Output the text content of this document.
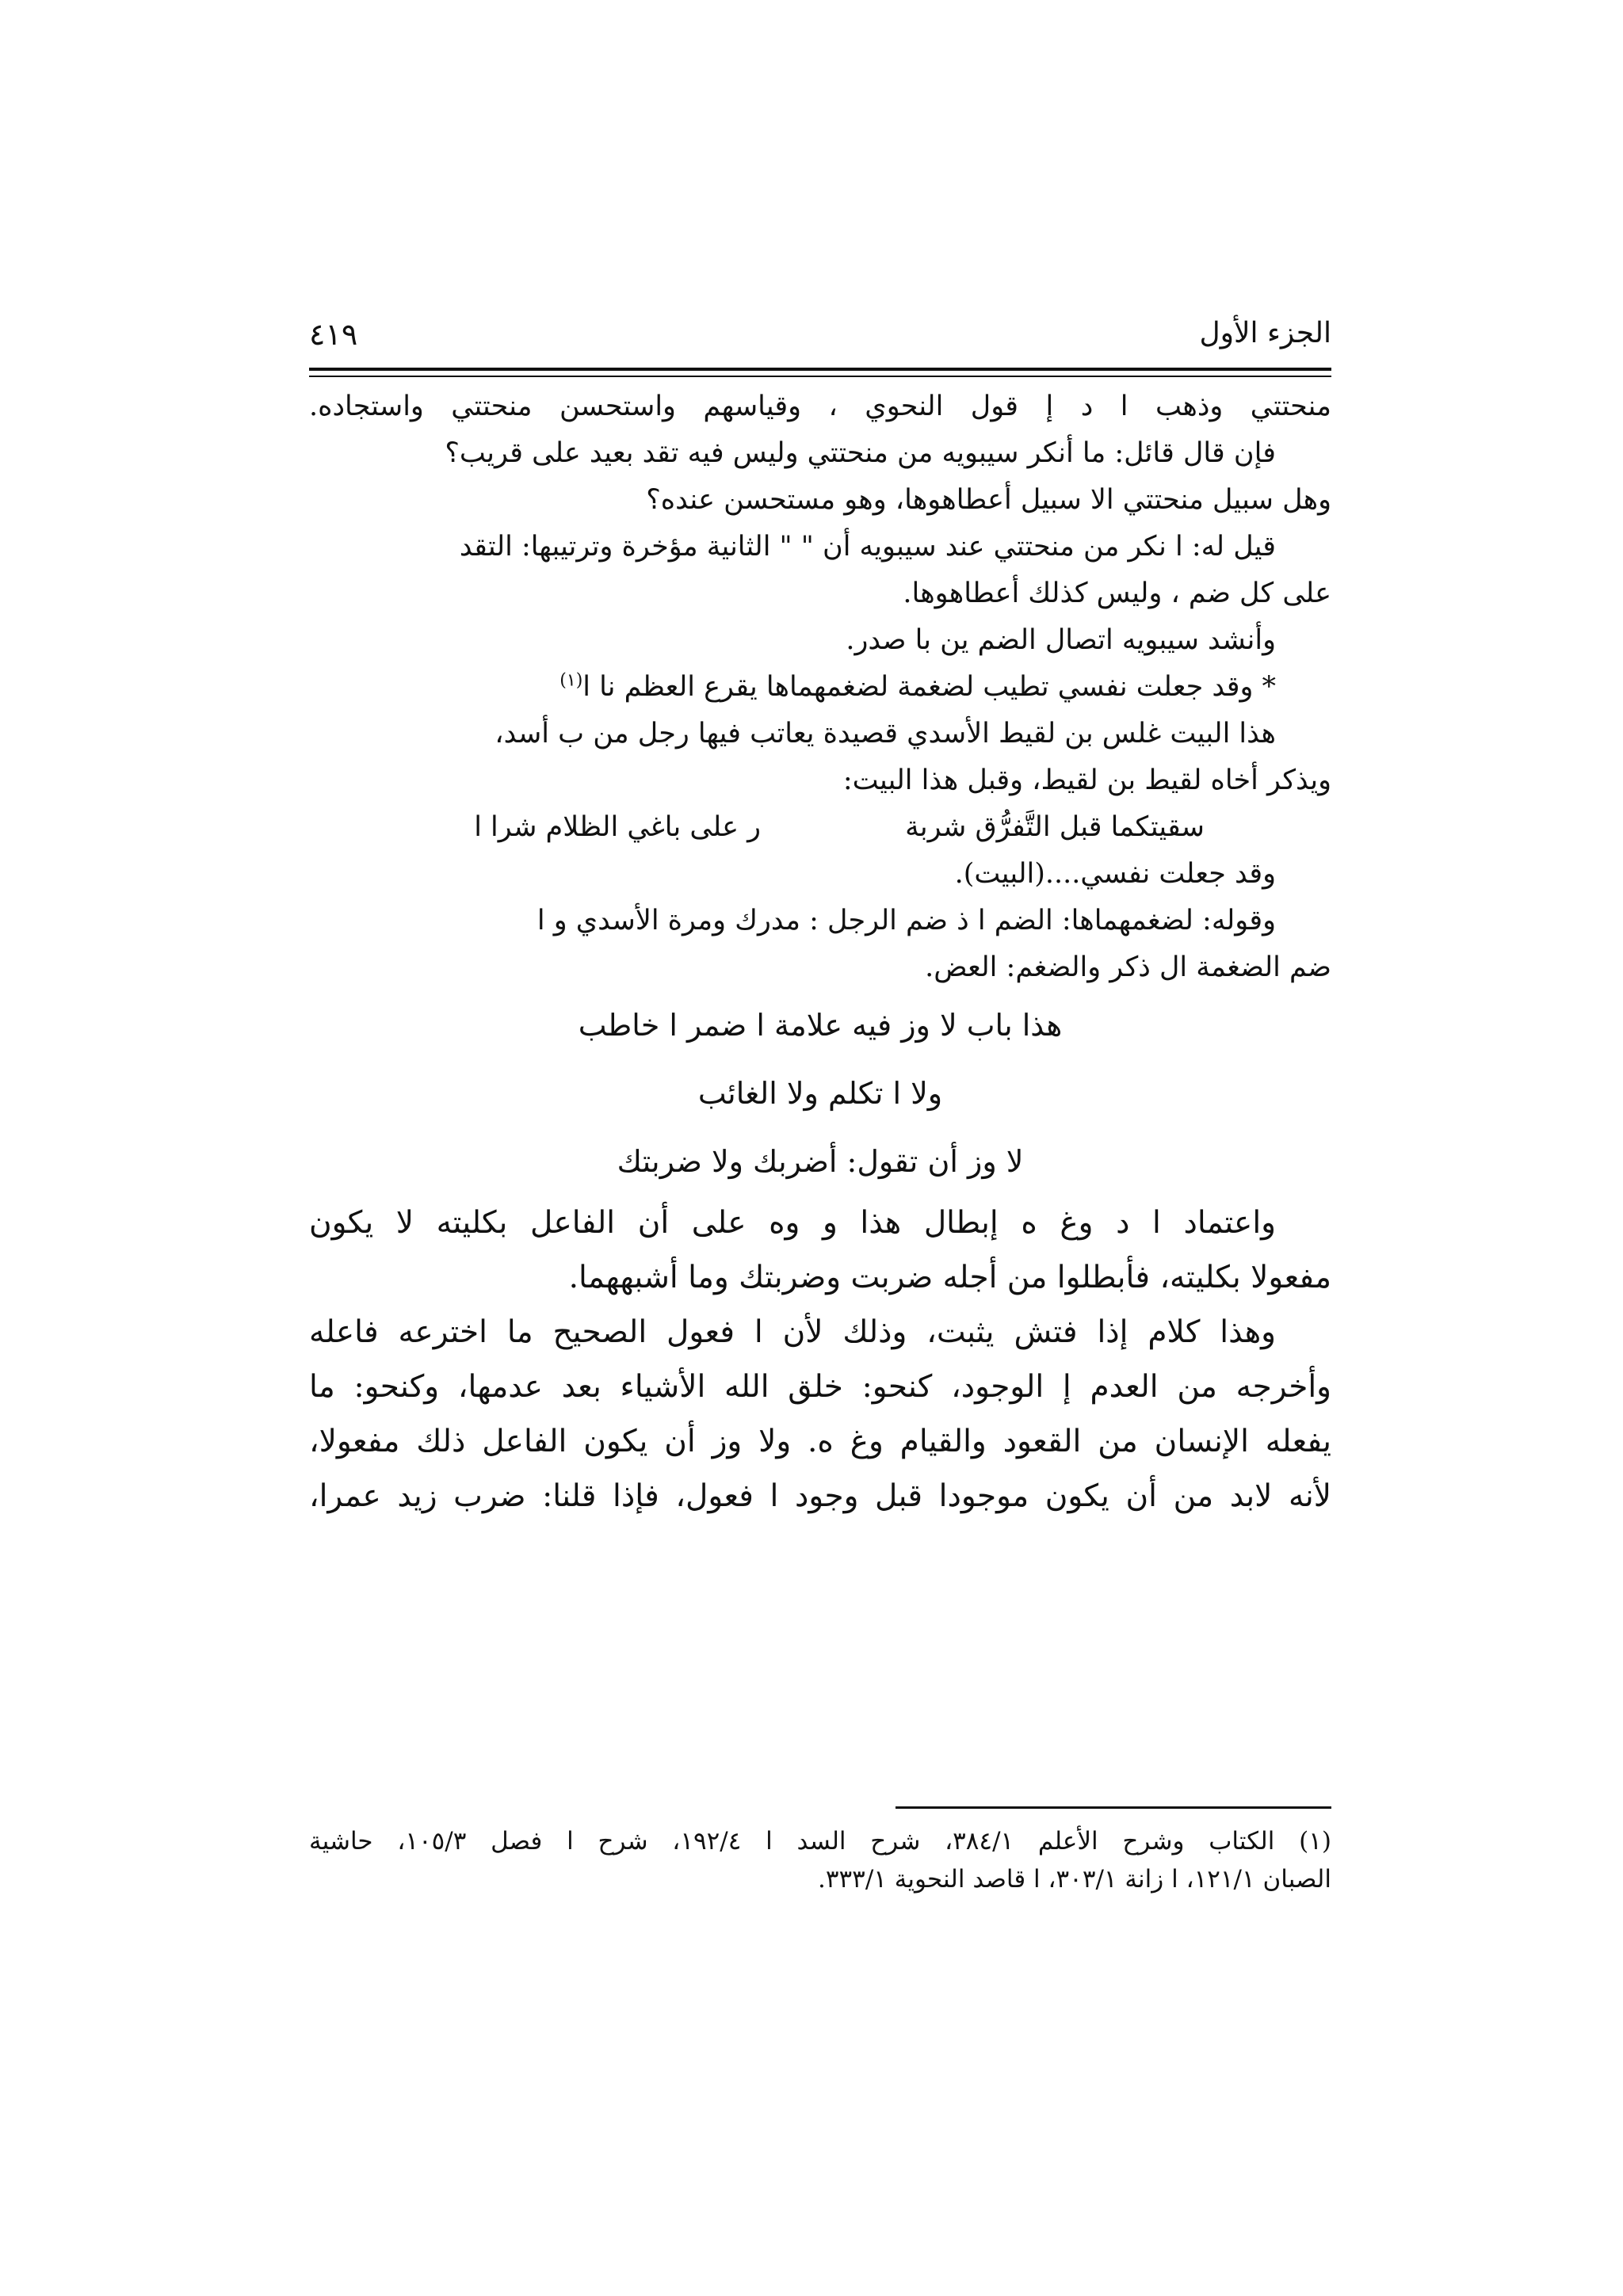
الجزء الأول
٤١٩
منحتتي وذهب ا د إ قول النحوي ، وقياسهم واستحسن منحتتي واستجاده.
فإن قال قائل: ما أنكر سيبويه من منحتتي وليس فيه تقد بعيد على قريب؟
وهل سبيل منحتتي الا سبيل أعطاهوها، وهو مستحسن عنده؟
قيل له: ا نكر من منحتتي عند سيبويه أن " " الثانية مؤخرة وترتيبها: التقد
على كل ضم ، وليس كذلك أعطاهوها.
وأنشد سيبويه اتصال الضم ين با صدر.
* وقد جعلت نفسي تطيب لضغمة لضغمهماها يقرع العظم نا ا$^{(١)}$
هذا البيت غلس بن لقيط الأسدي قصيدة يعاتب فيها رجل من ب أسد،
ويذكر أخاه لقيط بن لقيط، وقبل هذا البيت:
سقيتكما قبل التَّفرُّق شربة
ر على باغي الظلام شرا ا
وقد جعلت نفسي....(البيت).
وقوله: لضغمهماها: الضم ا ذ ضم الرجل : مدرك ومرة الأسدي و ا
ضم الضغمة ال ذكر والضغم: العض.
هذا باب لا وز فيه علامة ا ضمر ا خاطب
ولا ا تكلم ولا الغائب
لا وز أن تقول: أضربك ولا ضربتك
واعتماد ا د وغ ه إبطال هذا و وه على أن الفاعل بكليته لا يكون
مفعولا بكليته، فأبطلوا من أجله ضربت وضربتك وما أشبههما.
وهذا كلام إذا فتش يثبت، وذلك لأن ا فعول الصحيح ما اخترعه فاعله
وأخرجه من العدم إ الوجود، كنحو: خلق الله الأشياء بعد عدمها، وكنحو: ما
يفعله الإنسان من القعود والقيام وغ ه. ولا وز أن يكون الفاعل ذلك مفعولا،
لأنه لابد من أن يكون موجودا قبل وجود ا فعول، فإذا قلنا: ضرب زيد عمرا،
(١) الكتاب وشرح الأعلم ٣٨٤/١، شرح السد ا ١٩٢/٤، شرح ا فصل ١٠٥/٣، حاشية
الصبان ١٢١/١، ا زانة ٣٠٣/١، ا قاصد النحوية ٣٣٣/١.
